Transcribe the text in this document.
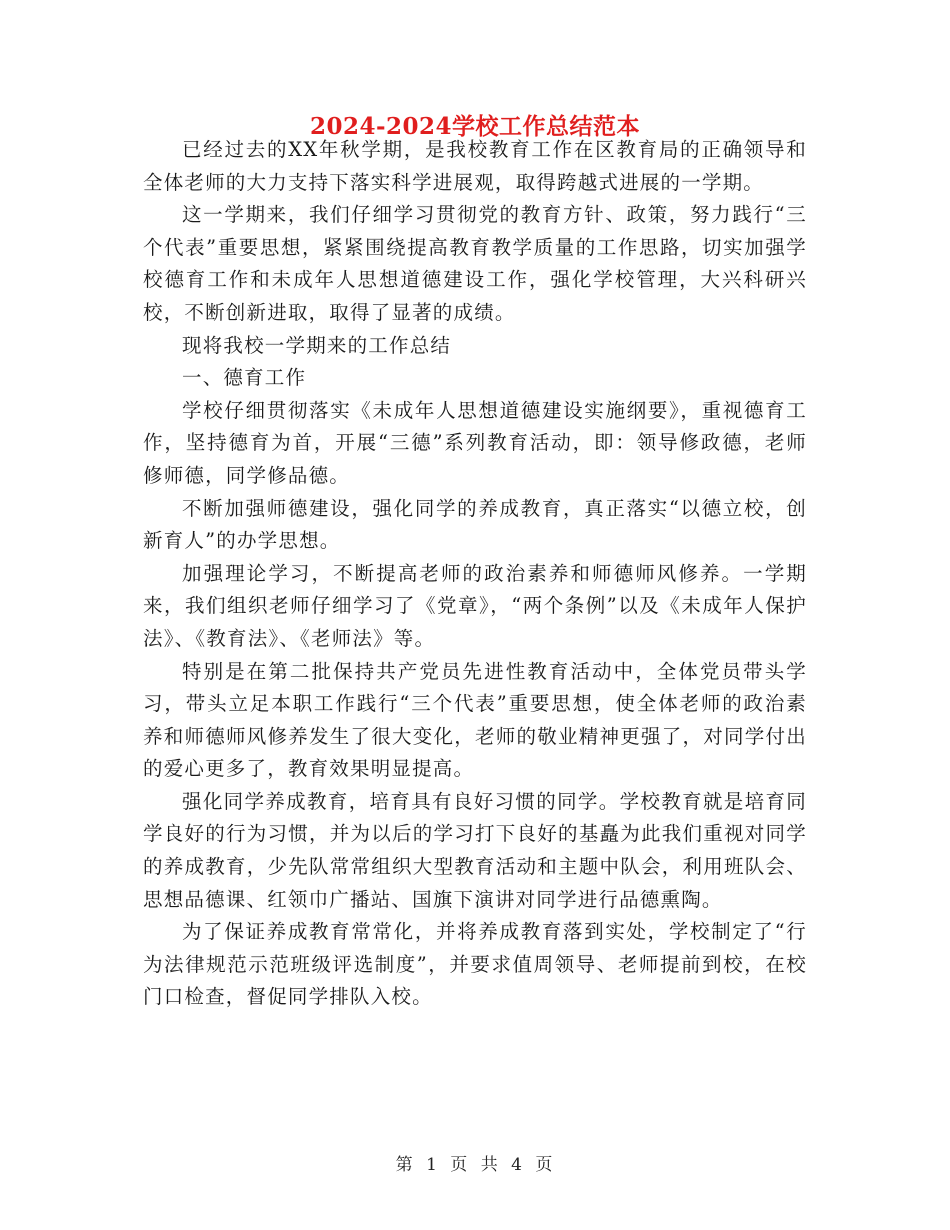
2024-2024学校工作总结范本

已经过去的XX年秋学期，是我校教育工作在区教育局的正确领导和全体老师的大力支持下落实科学进展观，取得跨越式进展的一学期。

这一学期来，我们仔细学习贯彻党的教育方针、政策，努力践行“三个代表”重要思想，紧紧围绕提高教育教学质量的工作思路，切实加强学校德育工作和未成年人思想道德建设工作，强化学校管理，大兴科研兴校，不断创新进取，取得了显著的成绩。

现将我校一学期来的工作总结

一、德育工作

学校仔细贯彻落实《未成年人思想道德建设实施纲要》，重视德育工作，坚持德育为首，开展“三德”系列教育活动，即：领导修政德，老师修师德，同学修品德。

不断加强师德建设，强化同学的养成教育，真正落实“以德立校，创新育人”的办学思想。

加强理论学习，不断提高老师的政治素养和师德师风修养。一学期来，我们组织老师仔细学习了《党章》，“两个条例”以及《未成年人保护法》、《教育法》、《老师法》等。

特别是在第二批保持共产党员先进性教育活动中，全体党员带头学习，带头立足本职工作践行“三个代表”重要思想，使全体老师的政治素养和师德师风修养发生了很大变化，老师的敬业精神更强了，对同学付出的爱心更多了，教育效果明显提高。

强化同学养成教育，培育具有良好习惯的同学。学校教育就是培育同学良好的行为习惯，并为以后的学习打下良好的基矗为此我们重视对同学的养成教育，少先队常常组织大型教育活动和主题中队会，利用班队会、思想品德课、红领巾广播站、国旗下演讲对同学进行品德熏陶。

为了保证养成教育常常化，并将养成教育落到实处，学校制定了“行为法律规范示范班级评选制度”，并要求值周领导、老师提前到校，在校门口检查，督促同学排队入校。

第 1 页 共 4 页
